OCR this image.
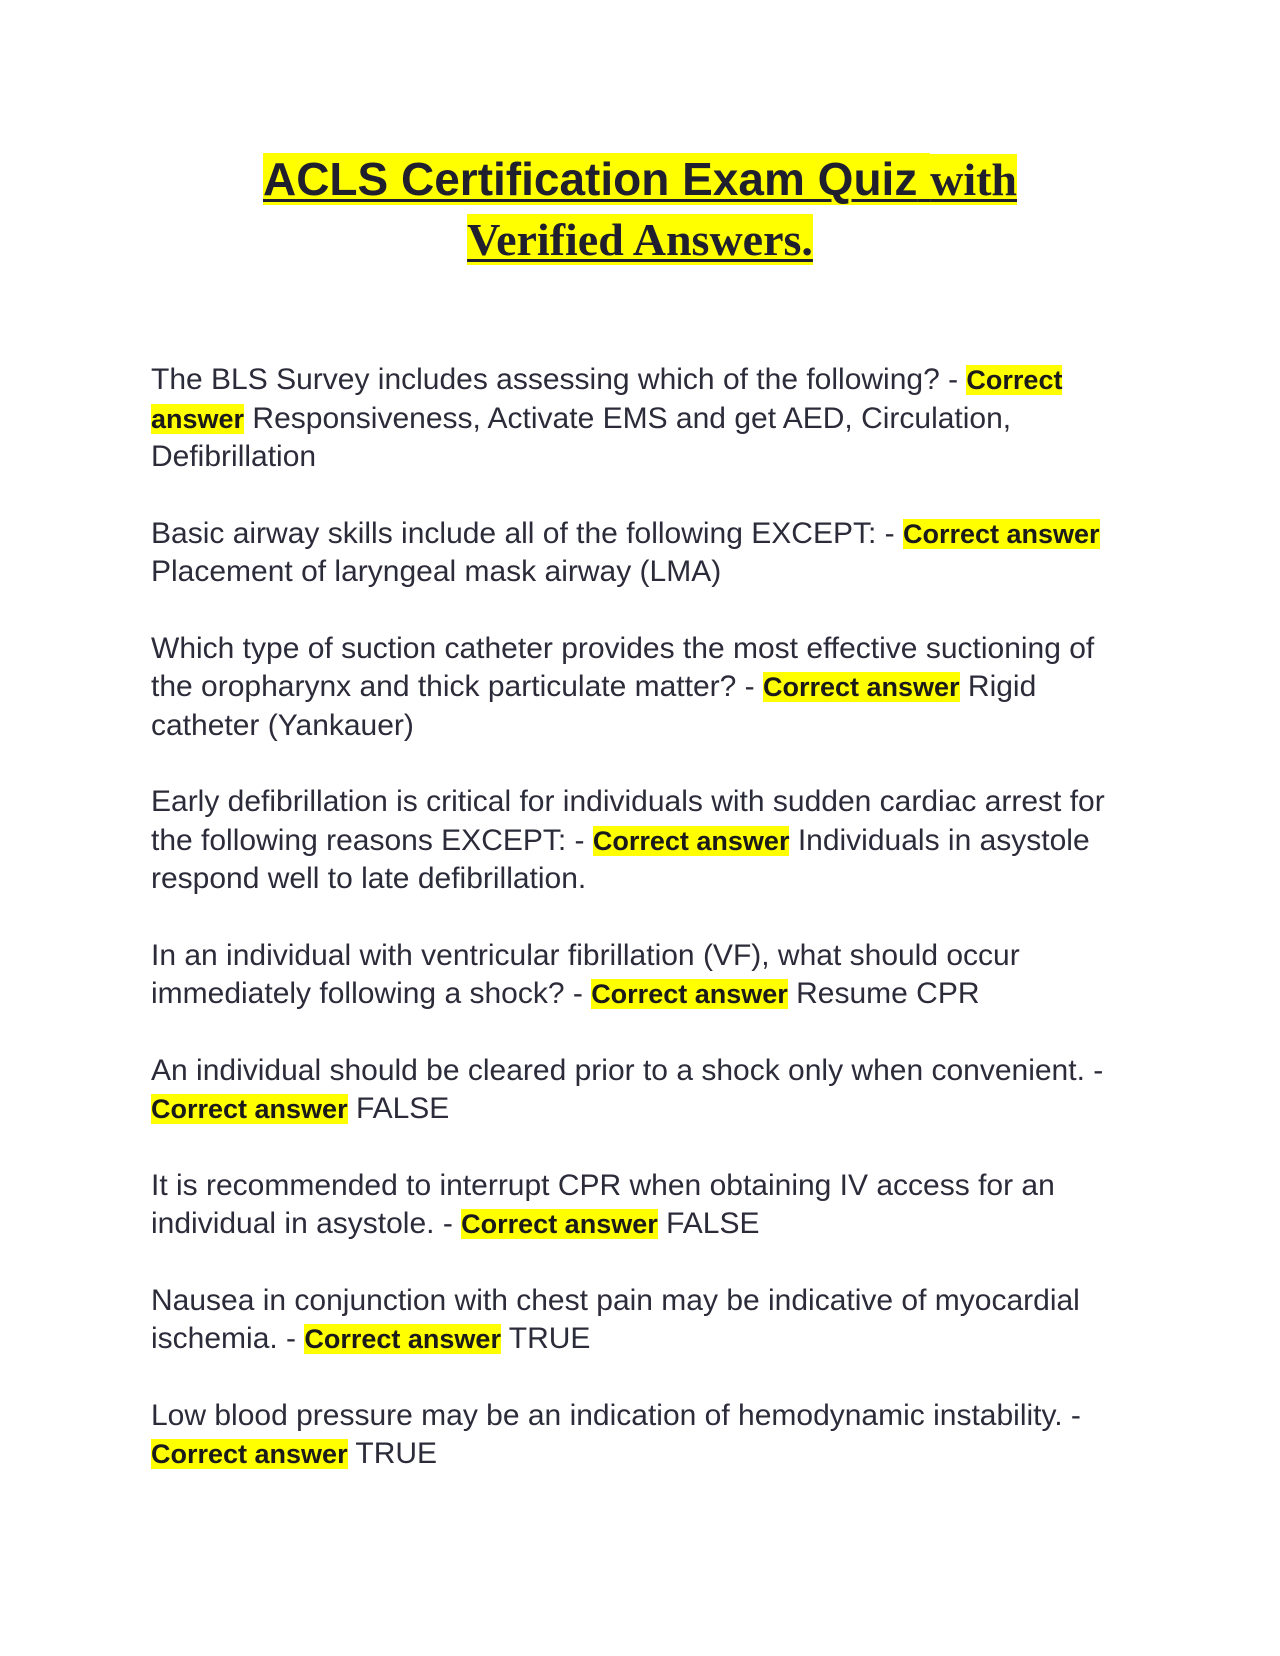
ACLS Certification Exam Quiz with
Verified Answers.
The BLS Survey includes assessing which of the following? - Correct answer Responsiveness, Activate EMS and get AED, Circulation, Defibrillation
Basic airway skills include all of the following EXCEPT: - Correct answer Placement of laryngeal mask airway (LMA)
Which type of suction catheter provides the most effective suctioning of the oropharynx and thick particulate matter? - Correct answer Rigid catheter (Yankauer)
Early defibrillation is critical for individuals with sudden cardiac arrest for the following reasons EXCEPT: - Correct answer Individuals in asystole respond well to late defibrillation.
In an individual with ventricular fibrillation (VF), what should occur immediately following a shock? - Correct answer Resume CPR
An individual should be cleared prior to a shock only when convenient. - Correct answer FALSE
It is recommended to interrupt CPR when obtaining IV access for an individual in asystole. - Correct answer FALSE
Nausea in conjunction with chest pain may be indicative of myocardial ischemia. - Correct answer TRUE
Low blood pressure may be an indication of hemodynamic instability. - Correct answer TRUE
